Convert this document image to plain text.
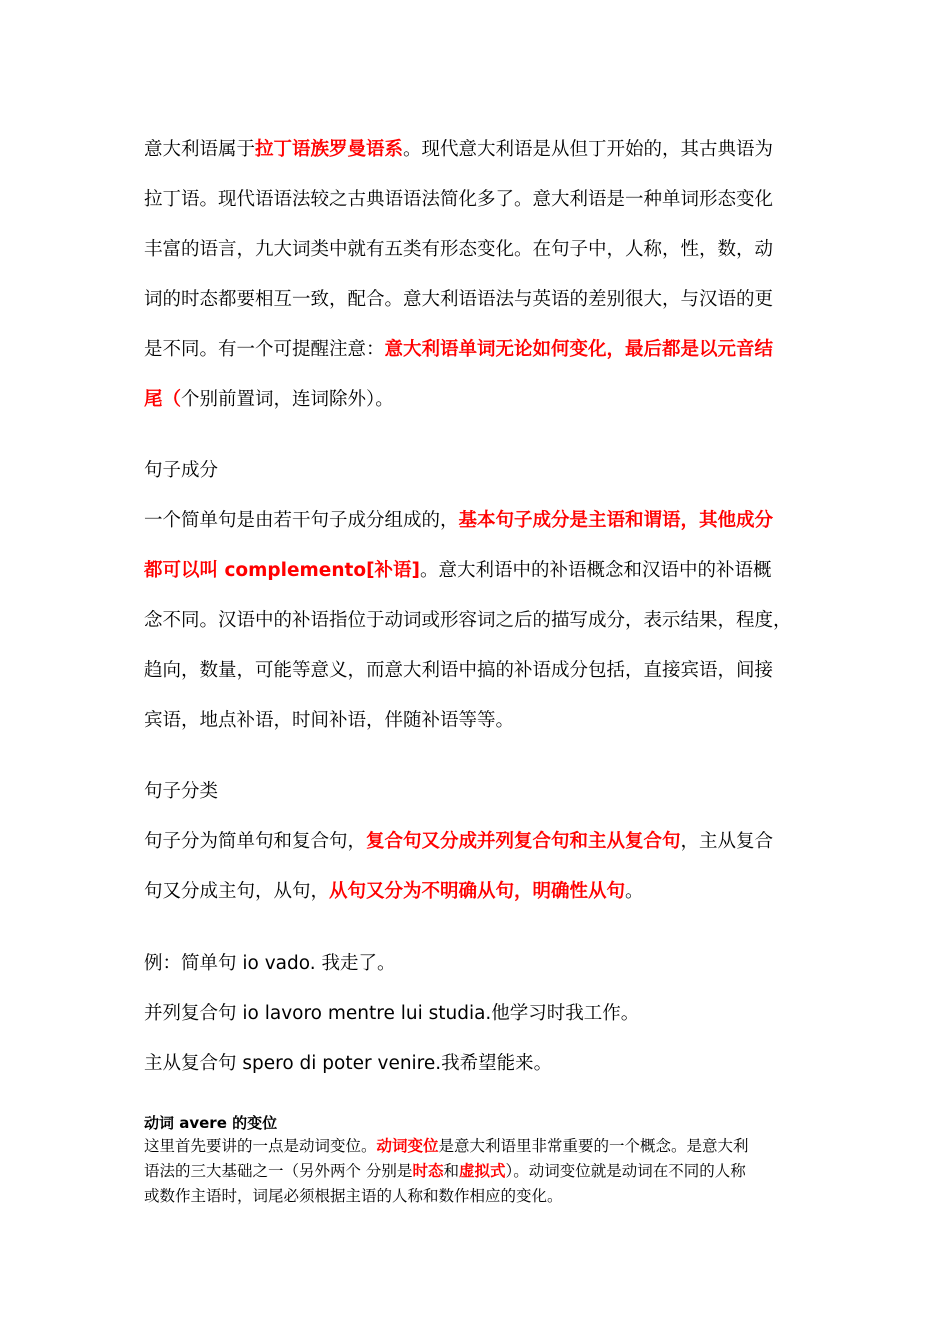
意大利语属于拉丁语族罗曼语系。现代意大利语是从但丁开始的，其古典语为
拉丁语。现代语语法较之古典语语法简化多了。意大利语是一种单词形态变化
丰富的语言，九大词类中就有五类有形态变化。在句子中，人称，性，数，动
词的时态都要相互一致，配合。意大利语语法与英语的差别很大，与汉语的更
是不同。有一个可提醒注意：意大利语单词无论如何变化，最后都是以元音结
尾（个别前置词，连词除外）。
句子成分
一个简单句是由若干句子成分组成的，基本句子成分是主语和谓语，其他成分
都可以叫 complemento[补语]。意大利语中的补语概念和汉语中的补语概
念不同。汉语中的补语指位于动词或形容词之后的描写成分，表示结果，程度，
趋向，数量，可能等意义，而意大利语中搞的补语成分包括，直接宾语，间接
宾语，地点补语，时间补语，伴随补语等等。
句子分类
句子分为简单句和复合句，复合句又分成并列复合句和主从复合句，主从复合
句又分成主句，从句，从句又分为不明确从句，明确性从句。
例：简单句 io vado. 我走了。
并列复合句 io lavoro mentre lui studia.他学习时我工作。
主从复合句 spero di poter venire.我希望能来。
动词 avere 的变位
这里首先要讲的一点是动词变位。动词变位是意大利语里非常重要的一个概念。是意大利
语法的三大基础之一（另外两个 分别是时态和虚拟式）。动词变位就是动词在不同的人称
或数作主语时，词尾必须根据主语的人称和数作相应的变化。
